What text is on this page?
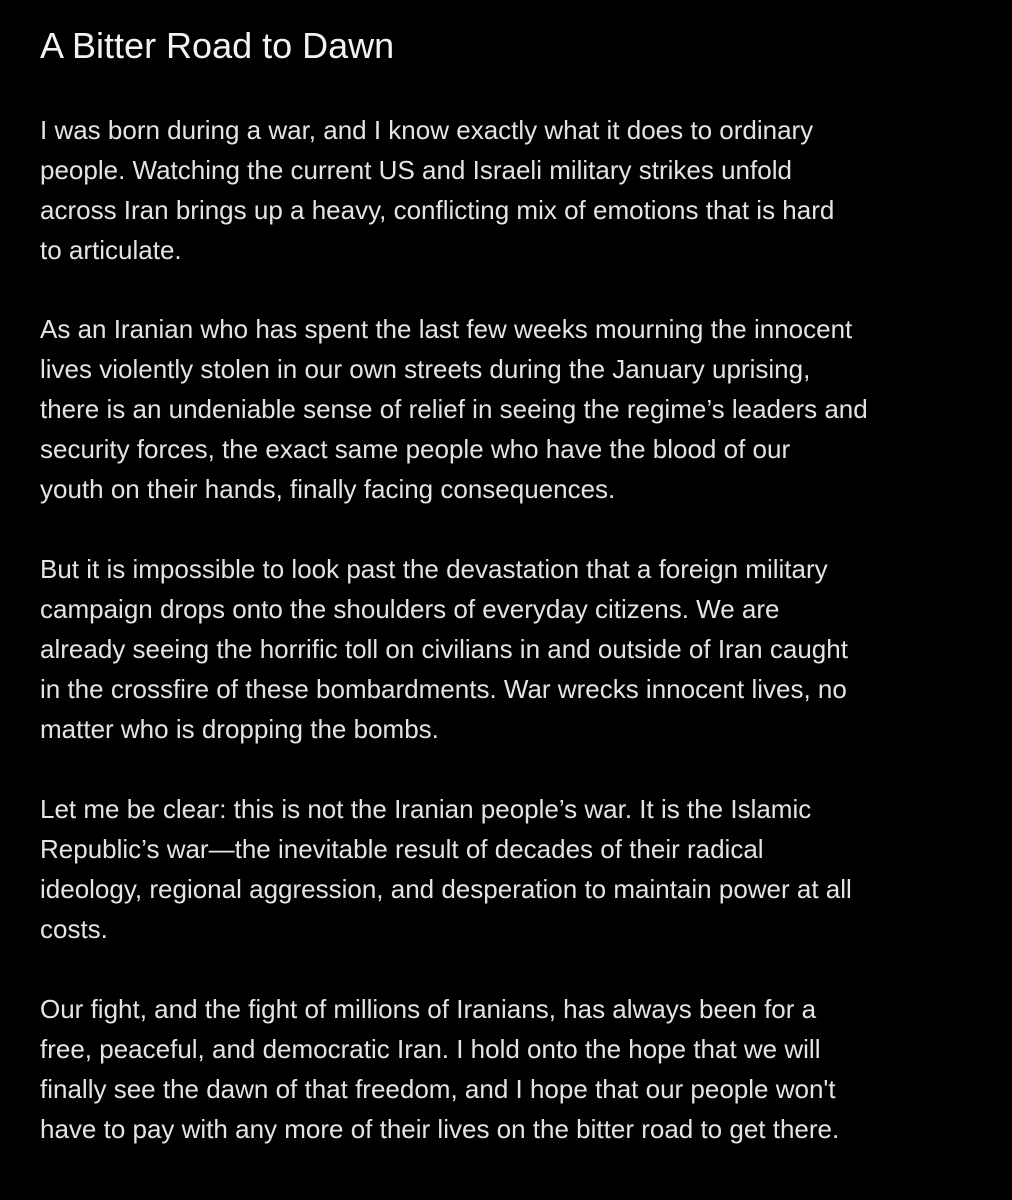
A Bitter Road to Dawn

I was born during a war, and I know exactly what it does to ordinary
people. Watching the current US and Israeli military strikes unfold
across Iran brings up a heavy, conflicting mix of emotions that is hard
to articulate.

As an Iranian who has spent the last few weeks mourning the innocent
lives violently stolen in our own streets during the January uprising,
there is an undeniable sense of relief in seeing the regime’s leaders and
security forces, the exact same people who have the blood of our
youth on their hands, finally facing consequences.

But it is impossible to look past the devastation that a foreign military
campaign drops onto the shoulders of everyday citizens. We are
already seeing the horrific toll on civilians in and outside of Iran caught
in the crossfire of these bombardments. War wrecks innocent lives, no
matter who is dropping the bombs.

Let me be clear: this is not the Iranian people’s war. It is the Islamic
Republic’s war—the inevitable result of decades of their radical
ideology, regional aggression, and desperation to maintain power at all
costs.

Our fight, and the fight of millions of Iranians, has always been for a
free, peaceful, and democratic Iran. I hold onto the hope that we will
finally see the dawn of that freedom, and I hope that our people won't
have to pay with any more of their lives on the bitter road to get there.
